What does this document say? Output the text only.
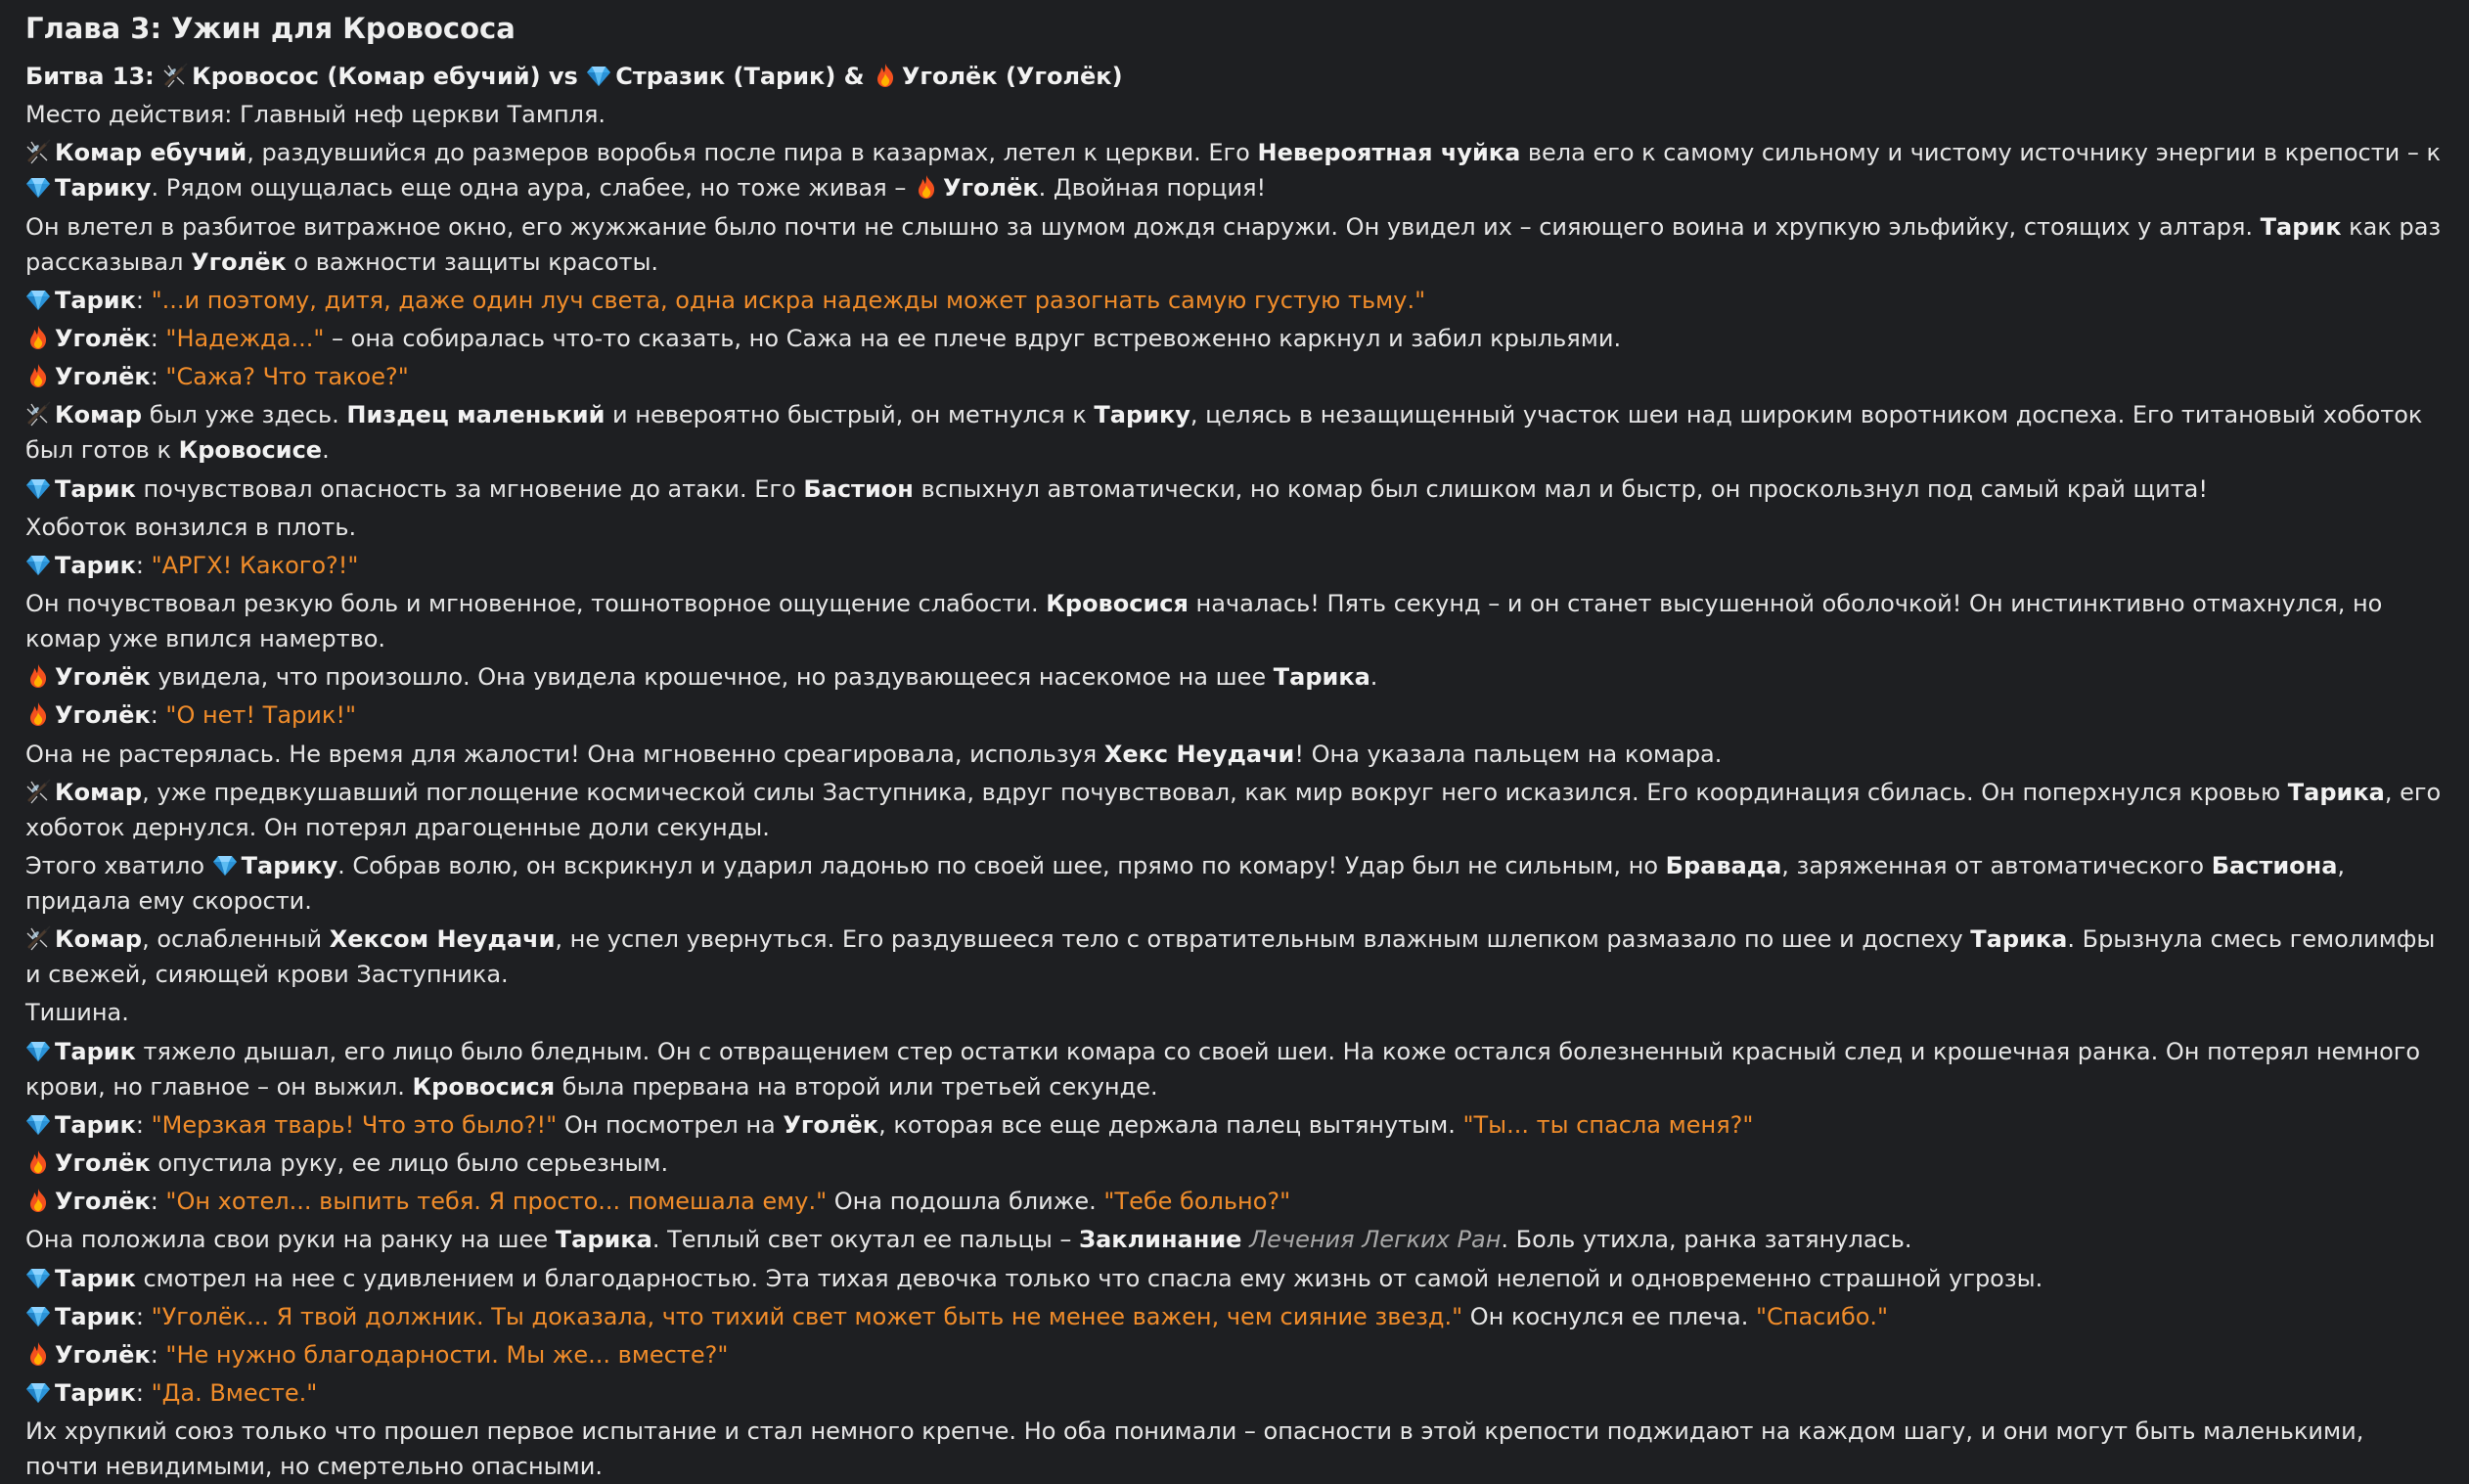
Глава 3: Ужин для Кровососа
Битва 13:
Кровосос (Комар ебучий) vs
Стразик (Тарик) &
Уголёк (Уголёк)
Место действия: Главный неф церкви Тампля.
Комар ебучий, раздувшийся до размеров воробья после пира в казармах, летел к церкви. Его Невероятная чуйка вела его к самому сильному и чистому источнику энергии в крепости – к
Тарику. Рядом ощущалась еще одна аура, слабее, но тоже живая –
Уголёк. Двойная порция!
Он влетел в разбитое витражное окно, его жужжание было почти не слышно за шумом дождя снаружи. Он увидел их – сияющего воина и хрупкую эльфийку, стоящих у алтаря. Тарик как раз рассказывал Уголёк о важности защиты красоты.
Тарик: "...и поэтому, дитя, даже один луч света, одна искра надежды может разогнать самую густую тьму."
Уголёк: "Надежда..." – она собиралась что-то сказать, но Сажа на ее плече вдруг встревоженно каркнул и забил крыльями.
Уголёк: "Сажа? Что такое?"
Комар был уже здесь. Пиздец маленький и невероятно быстрый, он метнулся к Тарику, целясь в незащищенный участок шеи над широким воротником доспеха. Его титановый хоботок был готов к Кровосисе.
Тарик почувствовал опасность за мгновение до атаки. Его Бастион вспыхнул автоматически, но комар был слишком мал и быстр, он проскользнул под самый край щита!
Хоботок вонзился в плоть.
Тарик: "АРГХ! Какого?!"
Он почувствовал резкую боль и мгновенное, тошнотворное ощущение слабости. Кровосися началась! Пять секунд – и он станет высушенной оболочкой! Он инстинктивно отмахнулся, но комар уже впился намертво.
Уголёк увидела, что произошло. Она увидела крошечное, но раздувающееся насекомое на шее Тарика.
Уголёк: "О нет! Тарик!"
Она не растерялась. Не время для жалости! Она мгновенно среагировала, используя Хекс Неудачи! Она указала пальцем на комара.
Комар, уже предвкушавший поглощение космической силы Заступника, вдруг почувствовал, как мир вокруг него исказился. Его координация сбилась. Он поперхнулся кровью Тарика, его хоботок дернулся. Он потерял драгоценные доли секунды.
Этого хватило
Тарику. Собрав волю, он вскрикнул и ударил ладонью по своей шее, прямо по комару! Удар был не сильным, но Бравада, заряженная от автоматического Бастиона, придала ему скорости.
Комар, ослабленный Хексом Неудачи, не успел увернуться. Его раздувшееся тело с отвратительным влажным шлепком размазало по шее и доспеху Тарика. Брызнула смесь гемолимфы и свежей, сияющей крови Заступника.
Тишина.
Тарик тяжело дышал, его лицо было бледным. Он с отвращением стер остатки комара со своей шеи. На коже остался болезненный красный след и крошечная ранка. Он потерял немного крови, но главное – он выжил. Кровосися была прервана на второй или третьей секунде.
Тарик: "Мерзкая тварь! Что это было?!" Он посмотрел на Уголёк, которая все еще держала палец вытянутым. "Ты... ты спасла меня?"
Уголёк опустила руку, ее лицо было серьезным.
Уголёк: "Он хотел... выпить тебя. Я просто... помешала ему." Она подошла ближе. "Тебе больно?"
Она положила свои руки на ранку на шее Тарика. Теплый свет окутал ее пальцы – Заклинание Лечения Легких Ран. Боль утихла, ранка затянулась.
Тарик смотрел на нее с удивлением и благодарностью. Эта тихая девочка только что спасла ему жизнь от самой нелепой и одновременно страшной угрозы.
Тарик: "Уголёк... Я твой должник. Ты доказала, что тихий свет может быть не менее важен, чем сияние звезд." Он коснулся ее плеча. "Спасибо."
Уголёк: "Не нужно благодарности. Мы же... вместе?"
Тарик: "Да. Вместе."
Их хрупкий союз только что прошел первое испытание и стал немного крепче. Но оба понимали – опасности в этой крепости поджидают на каждом шагу, и они могут быть маленькими, почти невидимыми, но смертельно опасными.
